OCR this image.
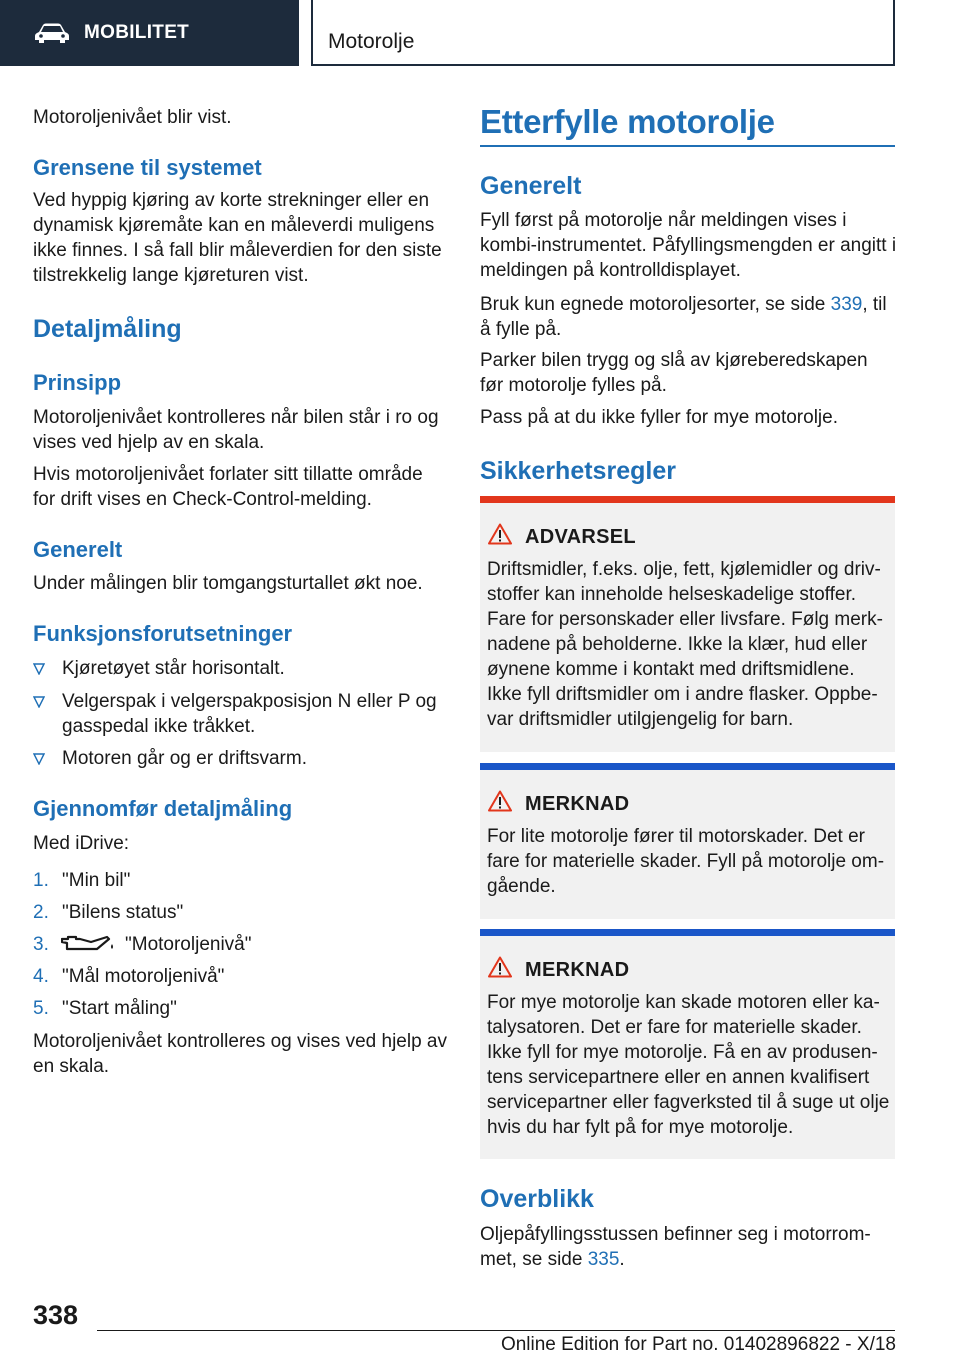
MOBILITET	Motorolje
Motoroljenivået blir vist.
Grensene til systemet
Ved hyppig kjøring av korte strekninger eller en dynamisk kjøremåte kan en måleverdi muligens ikke finnes. I så fall blir måleverdien for den siste tilstrekkelig lange kjøreturen vist.
Detaljmåling
Prinsipp
Motoroljenivået kontrolleres når bilen står i ro og vises ved hjelp av en skala.
Hvis motoroljenivået forlater sitt tillatte område for drift vises en Check-Control-melding.
Generelt
Under målingen blir tomgangsturtallet økt noe.
Funksjonsforutsetninger
Kjøretøyet står horisontalt.
Velgerspak i velgerspakposisjon N eller P og gasspedal ikke tråkket.
Motoren går og er driftsvarm.
Gjennomfør detaljmåling
Med iDrive:
1. "Min bil"
2. "Bilens status"
3.	"Motoroljenivå"
4. "Mål motoroljenivå"
5. "Start måling"
Motoroljenivået kontrolleres og vises ved hjelp av en skala.
Etterfylle motorolje
Generelt
Fyll først på motorolje når meldingen vises i kombi-instrumentet. Påfyllingsmengden er angitt i meldingen på kontrolldisplayet.
Bruk kun egnede motoroljesorter, se side 339, til å fylle på.
Parker bilen trygg og slå av kjøreberedskapen før motorolje fylles på.
Pass på at du ikke fyller for mye motorolje.
Sikkerhetsregler
ADVARSEL
Driftsmidler, f.eks. olje, fett, kjølemidler og driv-stoffer kan inneholde helseskadelige stoffer. Fare for personskader eller livsfare. Følg merk-nadene på beholderne. Ikke la klær, hud eller øynene komme i kontakt med driftsmidlene. Ikke fyll driftsmidler om i andre flasker. Oppbe-var driftsmidler utilgjengelig for barn.
MERKNAD
For lite motorolje fører til motorskader. Det er fare for materielle skader. Fyll på motorolje om-gående.
MERKNAD
For mye motorolje kan skade motoren eller ka-talysatoren. Det er fare for materielle skader. Ikke fyll for mye motorolje. Få en av produsen-tens servicepartnere eller en annen kvalifisert servicepartner eller fagverksted til å suge ut olje hvis du har fylt på for mye motorolje.
Overblikk
Oljepåfyllingsstussen befinner seg i motorrom-met, se side 335.
338
Online Edition for Part no. 01402896822 - X/18
